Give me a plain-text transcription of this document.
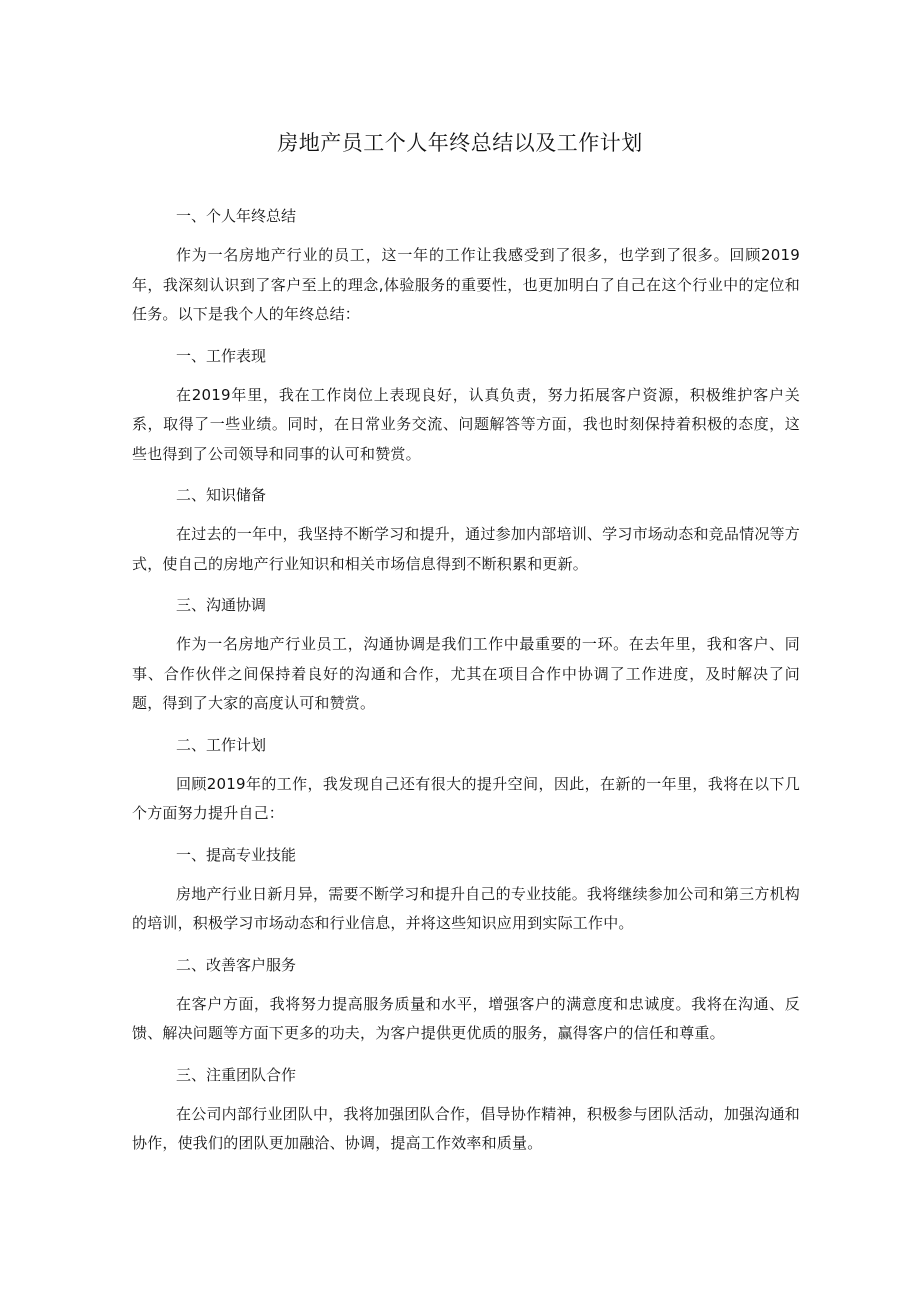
房地产员工个人年终总结以及工作计划

一、个人年终总结

作为一名房地产行业的员工，这一年的工作让我感受到了很多，也学到了很多。回顾2019年，我深刻认识到了客户至上的理念,体验服务的重要性，也更加明白了自己在这个行业中的定位和任务。以下是我个人的年终总结：

一、工作表现

在2019年里，我在工作岗位上表现良好，认真负责，努力拓展客户资源，积极维护客户关系，取得了一些业绩。同时，在日常业务交流、问题解答等方面，我也时刻保持着积极的态度，这些也得到了公司领导和同事的认可和赞赏。

二、知识储备

在过去的一年中，我坚持不断学习和提升，通过参加内部培训、学习市场动态和竞品情况等方式，使自己的房地产行业知识和相关市场信息得到不断积累和更新。

三、沟通协调

作为一名房地产行业员工，沟通协调是我们工作中最重要的一环。在去年里，我和客户、同事、合作伙伴之间保持着良好的沟通和合作，尤其在项目合作中协调了工作进度，及时解决了问题，得到了大家的高度认可和赞赏。

二、工作计划

回顾2019年的工作，我发现自己还有很大的提升空间，因此，在新的一年里，我将在以下几个方面努力提升自己：

一、提高专业技能

房地产行业日新月异，需要不断学习和提升自己的专业技能。我将继续参加公司和第三方机构的培训，积极学习市场动态和行业信息，并将这些知识应用到实际工作中。

二、改善客户服务

在客户方面，我将努力提高服务质量和水平，增强客户的满意度和忠诚度。我将在沟通、反馈、解决问题等方面下更多的功夫，为客户提供更优质的服务，赢得客户的信任和尊重。

三、注重团队合作

在公司内部行业团队中，我将加强团队合作，倡导协作精神，积极参与团队活动，加强沟通和协作，使我们的团队更加融洽、协调，提高工作效率和质量。
